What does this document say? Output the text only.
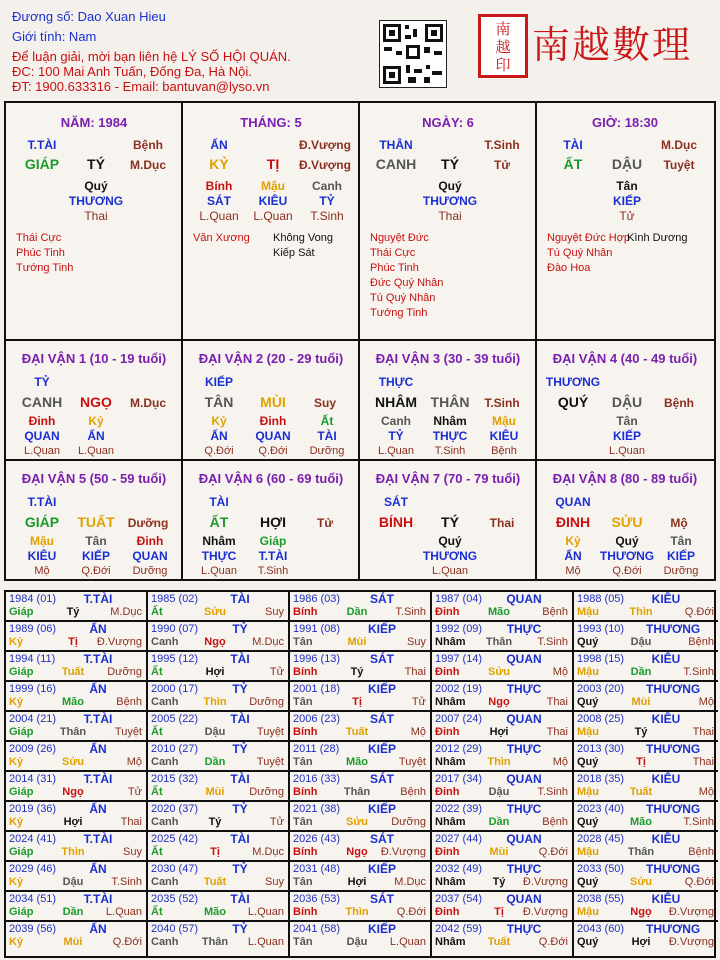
Đương số: Dao Xuan Hieu
Giới tính: Nam
Để luận giải, mời bạn liên hệ LÝ SỐ HỘI QUÁN.
ĐC: 100 Mai Anh Tuấn, Đống Đa, Hà Nội.
ĐT: 1900.633316 - Email: bantuvan@lyso.vn
南
越
印 南越數理
NĂM: 1984
T.TÀI	Bệnh
GIÁP TÝ M.Dục
Quý
THƯƠNG
Thai
Thái Cực
Phúc Tinh
Tướng Tinh
THÁNG: 5
ẤN	Đ.Vượng
KỶ	TỊ Đ.Vượng
Bính
SÁT
L.Quan
Mậu
KIÊU
L.Quan
Canh
TỶ
T.Sinh
Văn Xương Không Vong
Kiếp Sát
NGÀY: 6
THÂN	T.Sinh
CANH TÝ	Tử
Quý
THƯƠNG
Thai
Nguyệt Đức
Thái Cực
Phúc Tinh
Đức Quý Nhân
Tú Quý Nhân
Tướng Tinh
GIỜ: 18:30
TÀI	M.Dục
ẤT DẬU Tuyệt
Tân
KIẾP
Tử
Nguyệt Đức Hợp
Tú Quý Nhân
Đào Hoa
Kình Dương
ĐẠI VẬN 1 (10 - 19 tuổi)
TỶ
CANH NGỌ M.Dục
Đinh
QUAN
L.Quan
Kỷ
ẤN
L.Quan
ĐẠI VẬN 2 (20 - 29 tuổi)
KIẾP
TÂN MÙI Suy
Kỷ
ẤN
Q.Đới
Đinh
QUAN
Q.Đới
Ất
TÀI
Dưỡng
ĐẠI VẬN 3 (30 - 39 tuổi)
THỰC
NHÂM THÂN T.Sinh
Canh
TỶ
L.Quan
Nhâm
THỰC
T.Sinh
Mậu
KIÊU
Bệnh
ĐẠI VẬN 4 (40 - 49 tuổi)
THƯƠNG
QUÝ DẬU Bệnh
Tân
KIẾP
L.Quan
ĐẠI VẬN 5 (50 - 59 tuổi)
T.TÀI
GIÁP TUẤT Dưỡng
Mậu
KIÊU
Mộ
Tân
KIẾP
Q.Đới
Đinh
QUAN
Dưỡng
ĐẠI VẬN 6 (60 - 69 tuổi)
TÀI
ẤT HỢI	Tử
Nhâm
THỰC
L.Quan
Giáp
T.TÀI
T.Sinh
ĐẠI VẬN 7 (70 - 79 tuổi)
SÁT
BÍNH TÝ	Thai
Quý
THƯƠNG
L.Quan
ĐẠI VẬN 8 (80 - 89 tuổi)
QUAN
ĐINH SỬU Mộ
Kỷ
ẤN
Mộ
Quý
THƯƠNG
Q.Đới
Tân
KIẾP
Dưỡng
1984 (01)	T.TÀI
Giáp	Tý	M.Dục
1985 (02)	TÀI
Ất	Sửu	Suy
1986 (03)	SÁT
Bính	Dần	T.Sinh
1987 (04) QUAN
Đinh	Mão	Bệnh
1988 (05)	KIÊU
Mậu	Thìn	Q.Đới
1989 (06)	ẤN
Kỷ	Tị	Đ.Vượng
1990 (07)	TỶ
Canh	Ngọ	M.Dục
1991 (08)	KIẾP
Tân	Mùi	Suy
1992 (09) THỰC
Nhâm	Thân	T.Sinh
1993 (10) THƯƠNG
Quý	Dậu	Bệnh
1994 (11)	T.TÀI
Giáp	Tuất	Dưỡng
1995 (12)	TÀI
Ất	Hợi	Tử
1996 (13)	SÁT
Bính	Tý	Thai
1997 (14) QUAN
Đinh	Sửu	Mộ
1998 (15)	KIÊU
Mậu	Dần	T.Sinh
1999 (16)	ẤN
Kỷ	Mão	Bệnh
2000 (17)	TỶ
Canh	Thìn	Dưỡng
2001 (18)	KIẾP
Tân	Tị	Tử
2002 (19) THỰC
Nhâm	Ngọ	Thai
2003 (20) THƯƠNG
Quý	Mùi	Mộ
2004 (21)	T.TÀI
Giáp	Thân	Tuyệt
2005 (22)	TÀI
Ất	Dậu	Tuyệt
2006 (23)	SÁT
Bính	Tuất	Mộ
2007 (24) QUAN
Đinh	Hợi	Thai
2008 (25)	KIÊU
Mậu	Tý	Thai
2009 (26)	ẤN
Kỷ	Sửu	Mộ
2010 (27)	TỶ
Canh	Dần	Tuyệt
2011 (28)	KIẾP
Tân	Mão	Tuyệt
2012 (29) THỰC
Nhâm	Thìn	Mộ
2013 (30) THƯƠNG
Quý	Tị	Thai
2014 (31)	T.TÀI
Giáp	Ngọ	Tử
2015 (32)	TÀI
Ất	Mùi	Dưỡng
2016 (33)	SÁT
Bính	Thân	Bệnh
2017 (34) QUAN
Đinh	Dậu	T.Sinh
2018 (35)	KIÊU
Mậu	Tuất	Mộ
2019 (36)	ẤN
Kỷ	Hợi	Thai
2020 (37)	TỶ
Canh	Tý	Tử
2021 (38)	KIẾP
Tân	Sửu	Dưỡng
2022 (39) THỰC
Nhâm	Dần	Bệnh
2023 (40) THƯƠNG
Quý	Mão	T.Sinh
2024 (41)	T.TÀI
Giáp	Thìn	Suy
2025 (42)	TÀI
Ất	Tị	M.Dục
2026 (43)	SÁT
Bính	Ngọ	Đ.Vượng
2027 (44) QUAN
Đinh	Mùi	Q.Đới
2028 (45)	KIÊU
Mậu	Thân	Bệnh
2029 (46)	ẤN
Kỷ	Dậu	T.Sinh
2030 (47)	TỶ
Canh	Tuất	Suy
2031 (48)	KIẾP
Tân	Hợi	M.Dục
2032 (49) THỰC
Nhâm	Tý	Đ.Vượng
2033 (50) THƯƠNG
Quý	Sửu	Q.Đới
2034 (51)	T.TÀI
Giáp	Dần	L.Quan
2035 (52)	TÀI
Ất	Mão	L.Quan
2036 (53)	SÁT
Bính	Thìn	Q.Đới
2037 (54) QUAN
Đinh	Tị	Đ.Vượng
2038 (55)	KIÊU
Mậu	Ngọ	Đ.Vượng
2039 (56)	ẤN
Kỷ	Mùi	Q.Đới
2040 (57)	TỶ
Canh	Thân	L.Quan
2041 (58)	KIẾP
Tân	Dậu	L.Quan
2042 (59) THỰC
Nhâm	Tuất	Q.Đới
2043 (60) THƯƠNG
Quý	Hợi	Đ.Vượng
